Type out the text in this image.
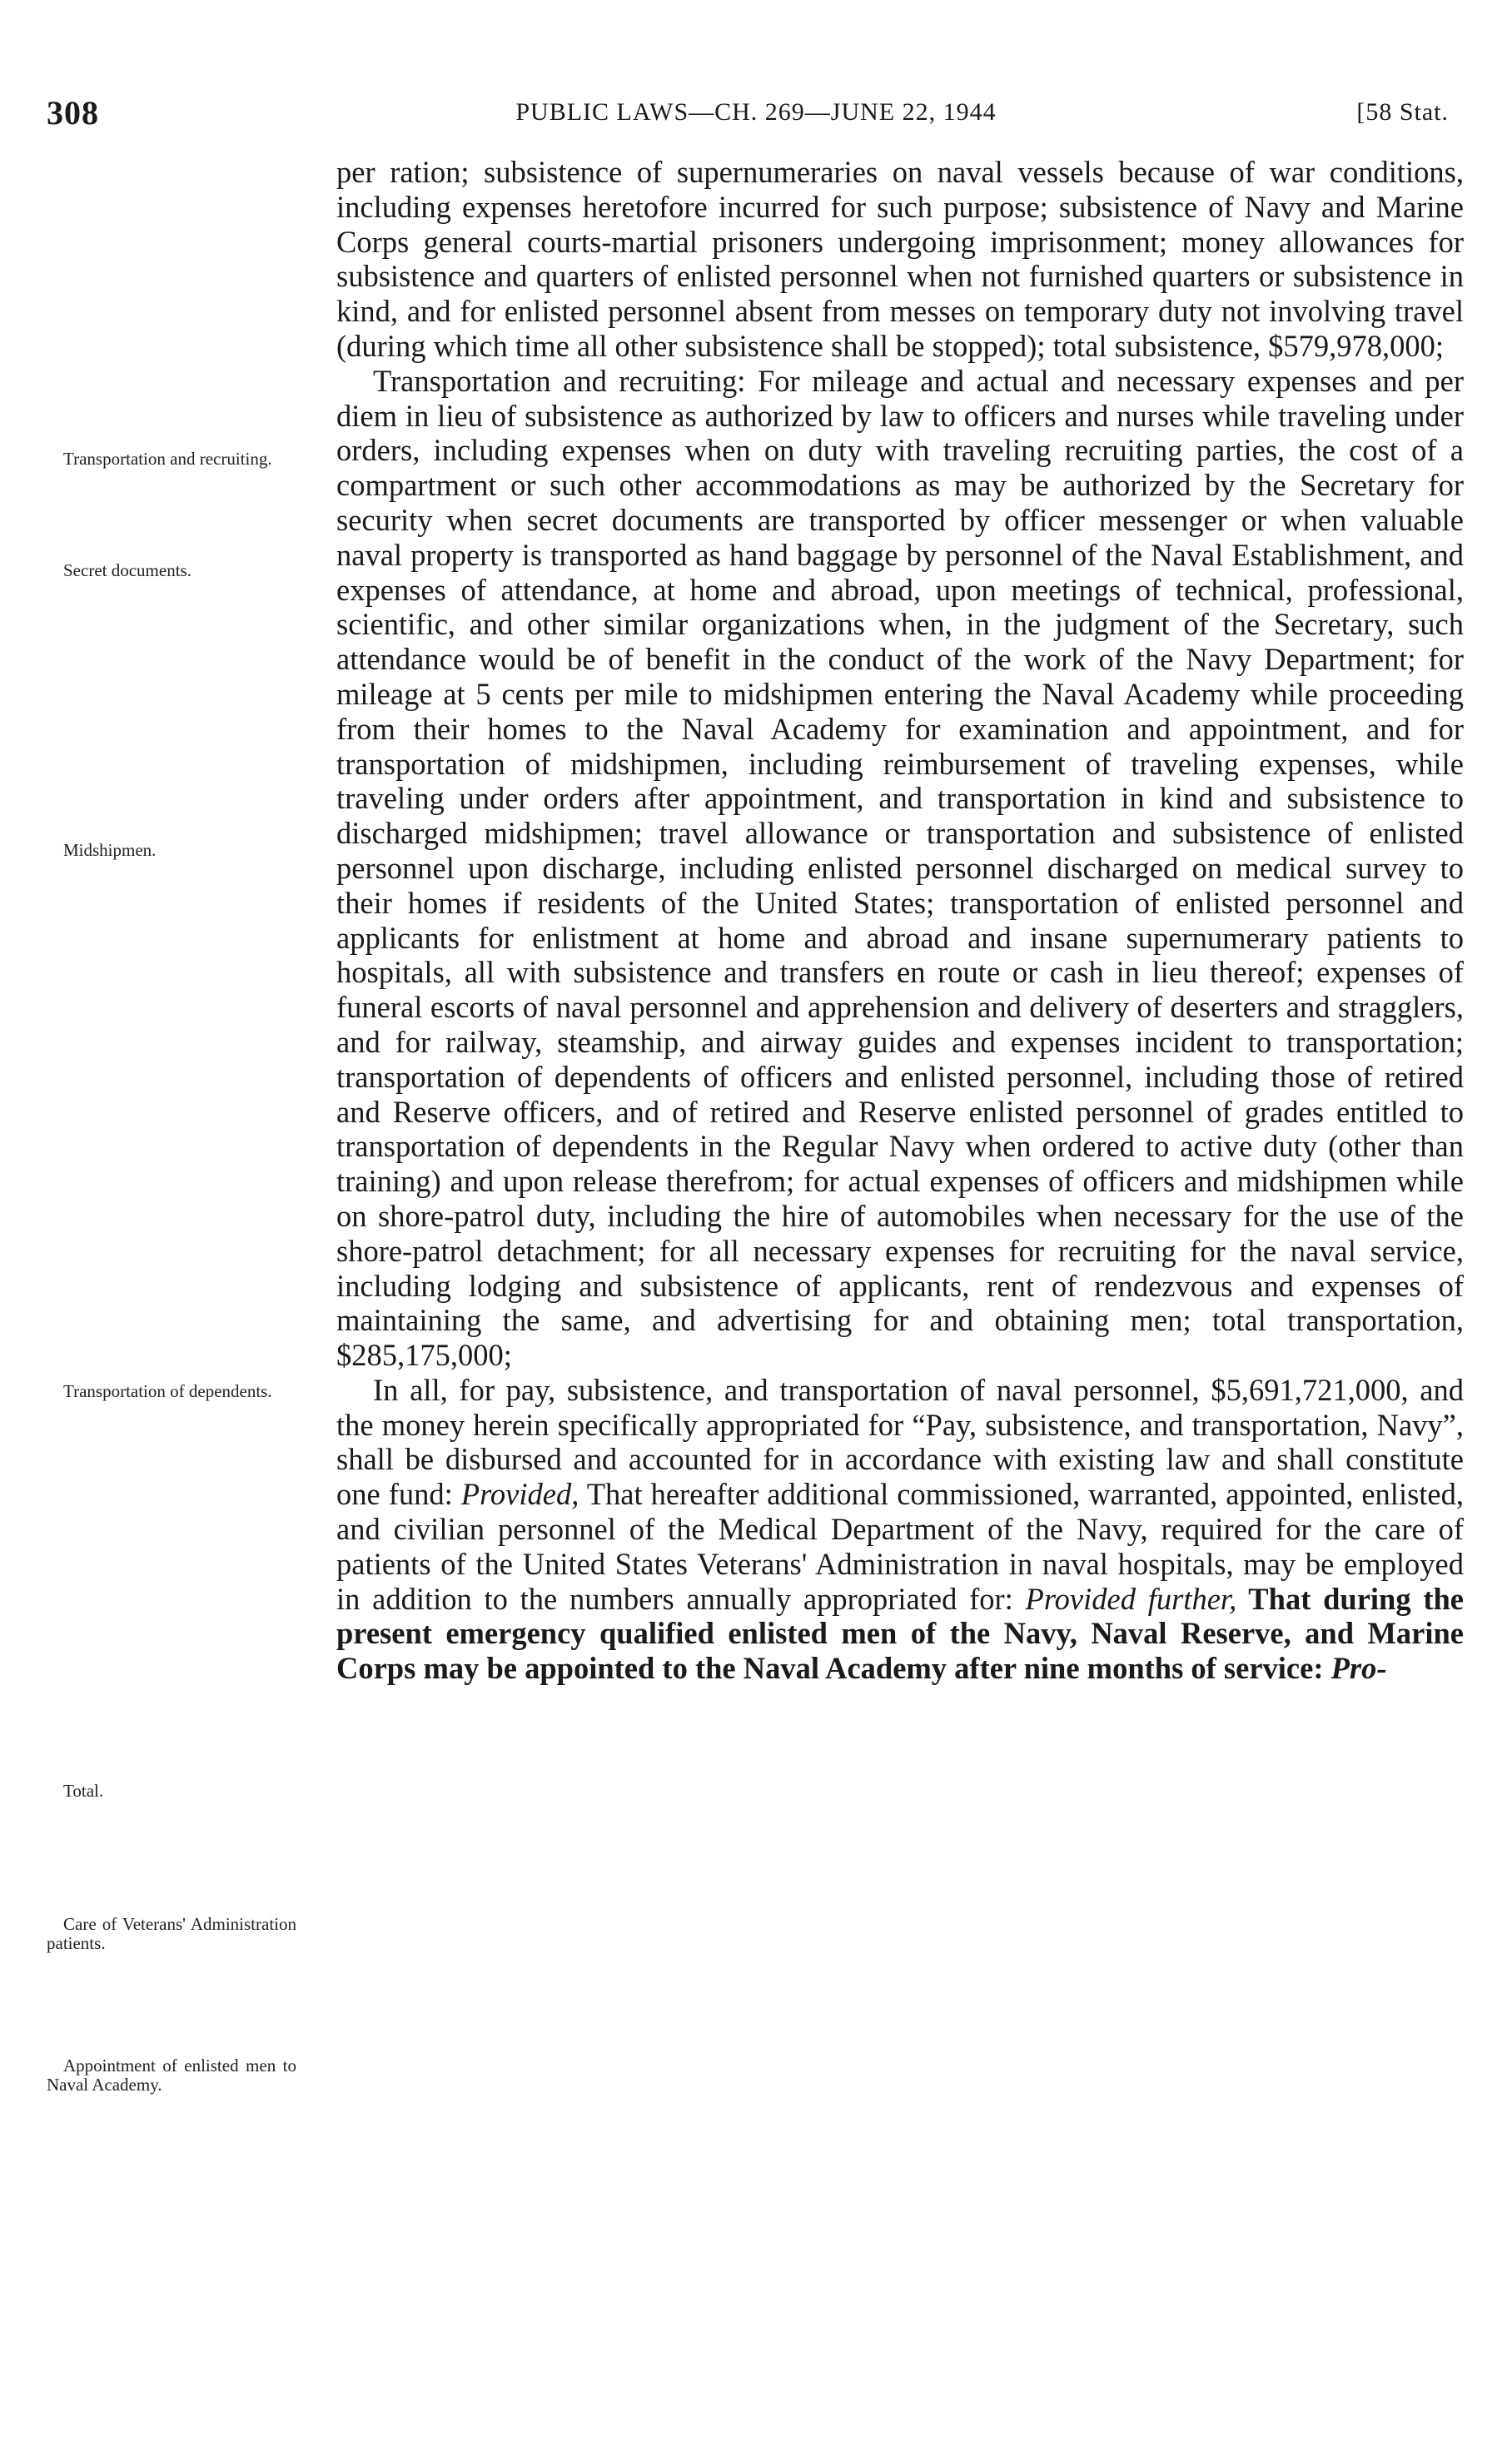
308	PUBLIC LAWS—CH. 269—JUNE 22, 1944	[58 Stat.
Transportation and recruiting.
Secret documents.
Midshipmen.
Transportation of dependents.
Total.
Care of Veterans' Administration patients.
Appointment of enlisted men to Naval Academy.

per ration; subsistence of supernumeraries on naval vessels because of war conditions, including expenses heretofore incurred for such purpose; subsistence of Navy and Marine Corps general courts-martial prisoners undergoing imprisonment; money allowances for subsistence and quarters of enlisted personnel when not furnished quarters or subsistence in kind, and for enlisted personnel absent from messes on temporary duty not involving travel (during which time all other subsistence shall be stopped); total subsistence, $579,978,000;

Transportation and recruiting: For mileage and actual and necessary expenses and per diem in lieu of subsistence as authorized by law to officers and nurses while traveling under orders, including expenses when on duty with traveling recruiting parties, the cost of a compartment or such other accommodations as may be authorized by the Secretary for security when secret documents are transported by officer messenger or when valuable naval property is transported as hand baggage by personnel of the Naval Establishment, and expenses of attendance, at home and abroad, upon meetings of technical, professional, scientific, and other similar organizations when, in the judgment of the Secretary, such attendance would be of benefit in the conduct of the work of the Navy Department; for mileage at 5 cents per mile to midshipmen entering the Naval Academy while proceeding from their homes to the Naval Academy for examination and appointment, and for transportation of midshipmen, including reimbursement of traveling expenses, while traveling under orders after appointment, and transportation in kind and subsistence to discharged midshipmen; travel allowance or transportation and subsistence of enlisted personnel upon discharge, including enlisted personnel discharged on medical survey to their homes if residents of the United States; transportation of enlisted personnel and applicants for enlistment at home and abroad and insane supernumerary patients to hospitals, all with subsistence and transfers en route or cash in lieu thereof; expenses of funeral escorts of naval personnel and apprehension and delivery of deserters and stragglers, and for railway, steamship, and airway guides and expenses incident to transportation; transportation of dependents of officers and enlisted personnel, including those of retired and Reserve officers, and of retired and Reserve enlisted personnel of grades entitled to transportation of dependents in the Regular Navy when ordered to active duty (other than training) and upon release therefrom; for actual expenses of officers and midshipmen while on shore-patrol duty, including the hire of automobiles when necessary for the use of the shore-patrol detachment; for all necessary expenses for recruiting for the naval service, including lodging and subsistence of applicants, rent of rendezvous and expenses of maintaining the same, and advertising for and obtaining men; total transportation, $285,175,000;

In all, for pay, subsistence, and transportation of naval personnel, $5,691,721,000, and the money herein specifically appropriated for “Pay, subsistence, and transportation, Navy”, shall be disbursed and accounted for in accordance with existing law and shall constitute one fund: Provided, That hereafter additional commissioned, warranted, appointed, enlisted, and civilian personnel of the Medical Department of the Navy, required for the care of patients of the United States Veterans' Administration in naval hospitals, may be employed in addition to the numbers annually appropriated for: Provided further, That during the present emergency qualified enlisted men of the Navy, Naval Reserve, and Marine Corps may be appointed to the Naval Academy after nine months of service: Pro-
